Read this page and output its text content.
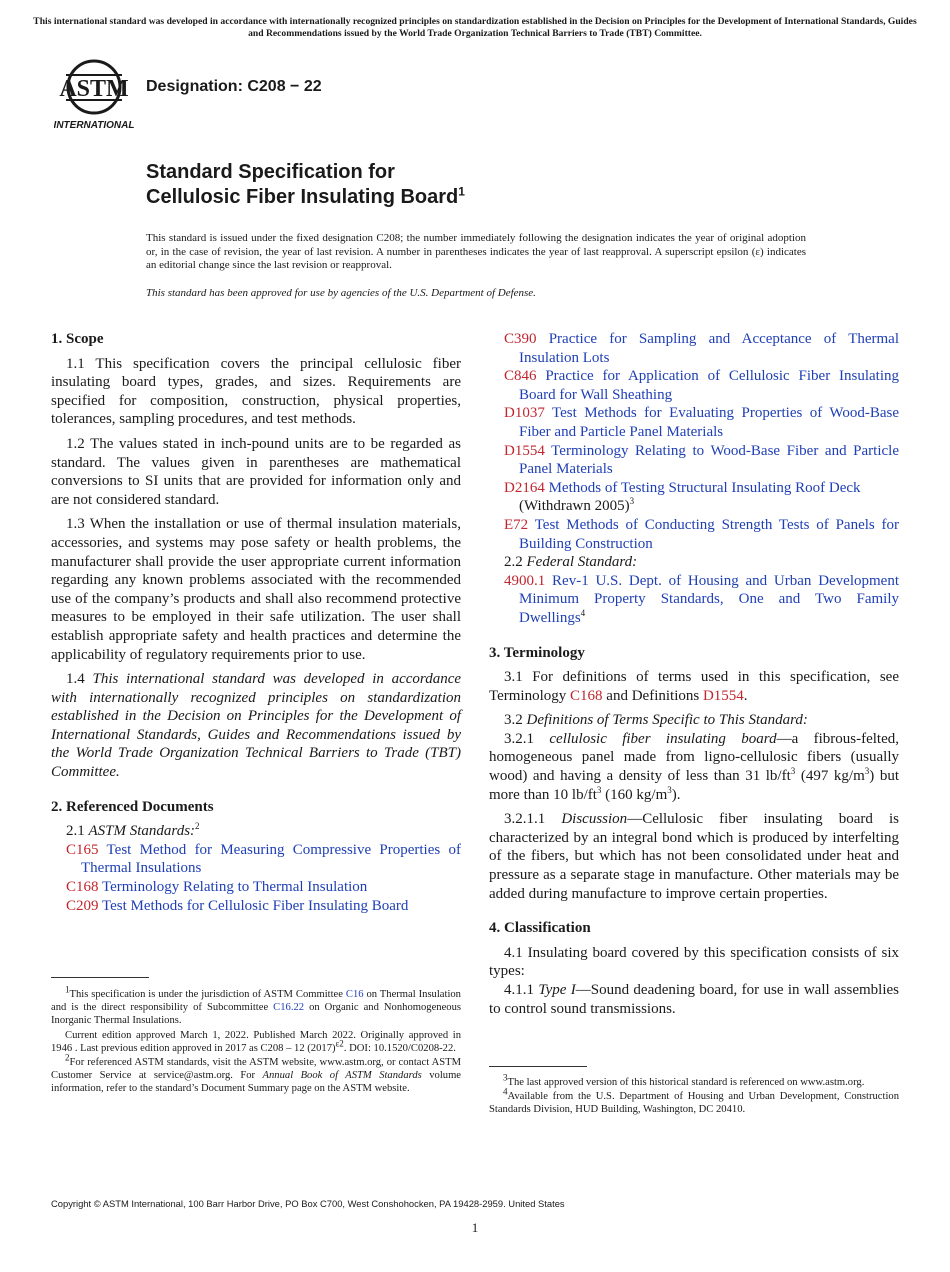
This international standard was developed in accordance with internationally recognized principles on standardization established in the Decision on Principles for the Development of International Standards, Guides and Recommendations issued by the World Trade Organization Technical Barriers to Trade (TBT) Committee.
ASTM
INTERNATIONAL
Designation: C208 − 22
Standard Specification for
Cellulosic Fiber Insulating Board$^1$
This standard is issued under the fixed designation C208; the number immediately following the designation indicates the year of original adoption or, in the case of revision, the year of last revision. A number in parentheses indicates the year of last reapproval. A superscript epsilon (ε) indicates an editorial change since the last revision or reapproval.
This standard has been approved for use by agencies of the U.S. Department of Defense.
1. Scope

1.1 This specification covers the principal cellulosic fiber insulating board types, grades, and sizes. Requirements are specified for composition, construction, physical properties, tolerances, sampling procedures, and test methods.

1.2 The values stated in inch-pound units are to be regarded as standard. The values given in parentheses are mathematical conversions to SI units that are provided for information only and are not considered standard.

1.3 When the installation or use of thermal insulation materials, accessories, and systems may pose safety or health problems, the manufacturer shall provide the user appropriate current information regarding any known problems associated with the recommended use of the company’s products and shall also recommend protective measures to be employed in their safe utilization. The user shall establish appropriate safety and health practices and determine the applicability of regulatory requirements prior to use.

1.4 This international standard was developed in accordance with internationally recognized principles on standardization established in the Decision on Principles for the Development of International Standards, Guides and Recommendations issued by the World Trade Organization Technical Barriers to Trade (TBT) Committee.

2. Referenced Documents

2.1 ASTM Standards:$^2$

C165 Test Method for Measuring Compressive Properties of Thermal Insulations

C168 Terminology Relating to Thermal Insulation

C209 Test Methods for Cellulosic Fiber Insulating Board

C390 Practice for Sampling and Acceptance of Thermal Insulation Lots

C846 Practice for Application of Cellulosic Fiber Insulating Board for Wall Sheathing

D1037 Test Methods for Evaluating Properties of Wood-Base Fiber and Particle Panel Materials

D1554 Terminology Relating to Wood-Base Fiber and Particle Panel Materials

D2164 Methods of Testing Structural Insulating Roof Deck
(Withdrawn 2005)$^3$

E72 Test Methods of Conducting Strength Tests of Panels for Building Construction

2.2 Federal Standard:

4900.1 Rev-1 U.S. Dept. of Housing and Urban Development Minimum Property Standards, One and Two Family Dwellings$^4$

3. Terminology

3.1 For definitions of terms used in this specification, see Terminology C168 and Definitions D1554.

3.2 Definitions of Terms Specific to This Standard:

3.2.1 cellulosic fiber insulating board—a fibrous-felted, homogeneous panel made from ligno-cellulosic fibers (usually wood) and having a density of less than 31 $lb/ft^3$ (497 $kg/m^3$) but more than 10 $lb/ft^3$ (160 $kg/m^3$).

3.2.1.1 Discussion—Cellulosic fiber insulating board is characterized by an integral bond which is produced by interfelting of the fibers, but which has not been consolidated under heat and pressure as a separate stage in manufacture. Other materials may be added during manufacture to improve certain properties.

4. Classification

4.1 Insulating board covered by this specification consists of six types:

4.1.1 Type I—Sound deadening board, for use in wall assemblies to control sound transmissions.

$^1$This specification is under the jurisdiction of ASTM Committee C16 on Thermal Insulation and is the direct responsibility of Subcommittee C16.22 on Organic and Nonhomogeneous Inorganic Thermal Insulations.

Current edition approved March 1, 2022. Published March 2022. Originally approved in 1946 . Last previous edition approved in 2017 as C208 – 12 $(2017)^{\varepsilon 2}$. DOI: 10.1520/C0208-22.

$^2$For referenced ASTM standards, visit the ASTM website, www.astm.org, or contact ASTM Customer Service at service@astm.org. For Annual Book of ASTM Standards volume information, refer to the standard’s Document Summary page on the ASTM website.

$^3$The last approved version of this historical standard is referenced on www.astm.org.

$^4$Available from the U.S. Department of Housing and Urban Development, Construction Standards Division, HUD Building, Washington, DC 20410.

Copyright © ASTM International, 100 Barr Harbor Drive, PO Box C700, West Conshohocken, PA 19428-2959. United States
1
